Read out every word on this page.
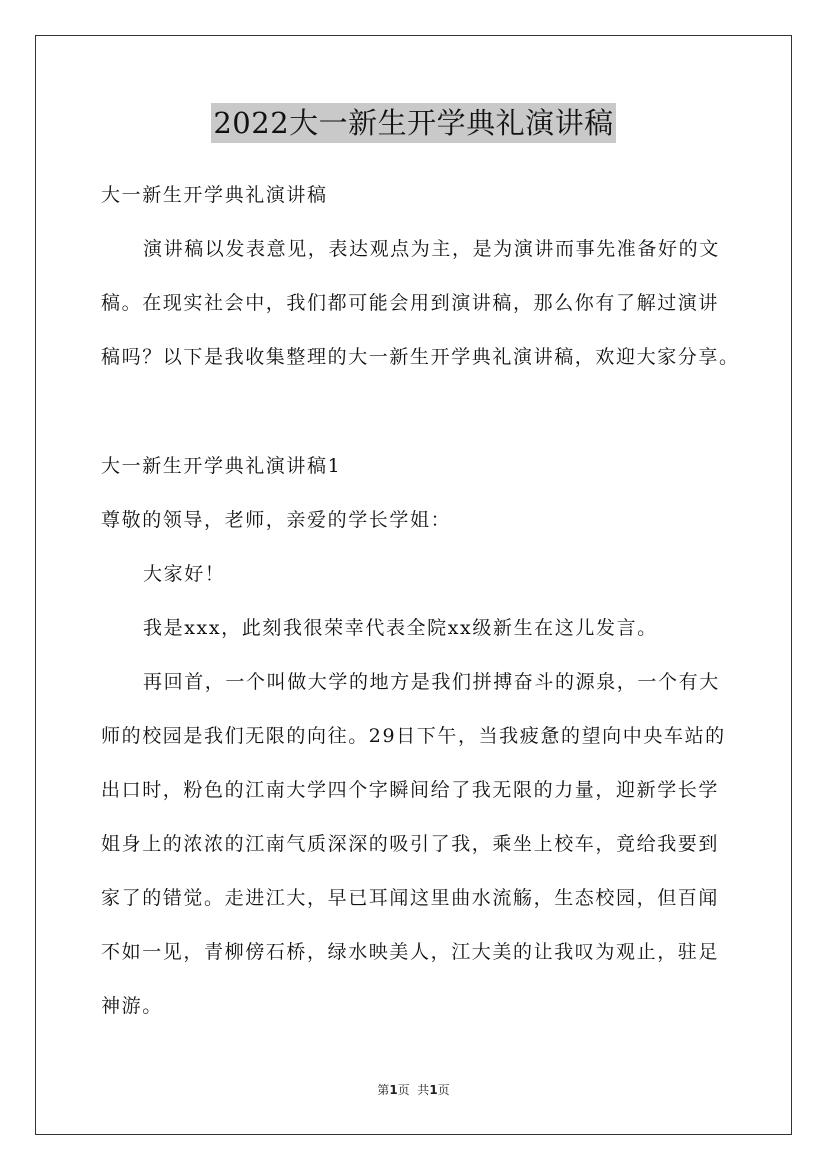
2022大一新生开学典礼演讲稿
大一新生开学典礼演讲稿
演讲稿以发表意见，表达观点为主，是为演讲而事先准备好的文
稿。在现实社会中，我们都可能会用到演讲稿，那么你有了解过演讲
稿吗？以下是我收集整理的大一新生开学典礼演讲稿，欢迎大家分享。
大一新生开学典礼演讲稿1
尊敬的领导，老师，亲爱的学长学姐：
大家好！
我是xxx，此刻我很荣幸代表全院xx级新生在这儿发言。
再回首，一个叫做大学的地方是我们拼搏奋斗的源泉，一个有大
师的校园是我们无限的向往。29日下午，当我疲惫的望向中央车站的
出口时，粉色的江南大学四个字瞬间给了我无限的力量，迎新学长学
姐身上的浓浓的江南气质深深的吸引了我，乘坐上校车，竟给我要到
家了的错觉。走进江大，早已耳闻这里曲水流觞，生态校园，但百闻
不如一见，青柳傍石桥，绿水映美人，江大美的让我叹为观止，驻足
神游。
第1页  共1页
